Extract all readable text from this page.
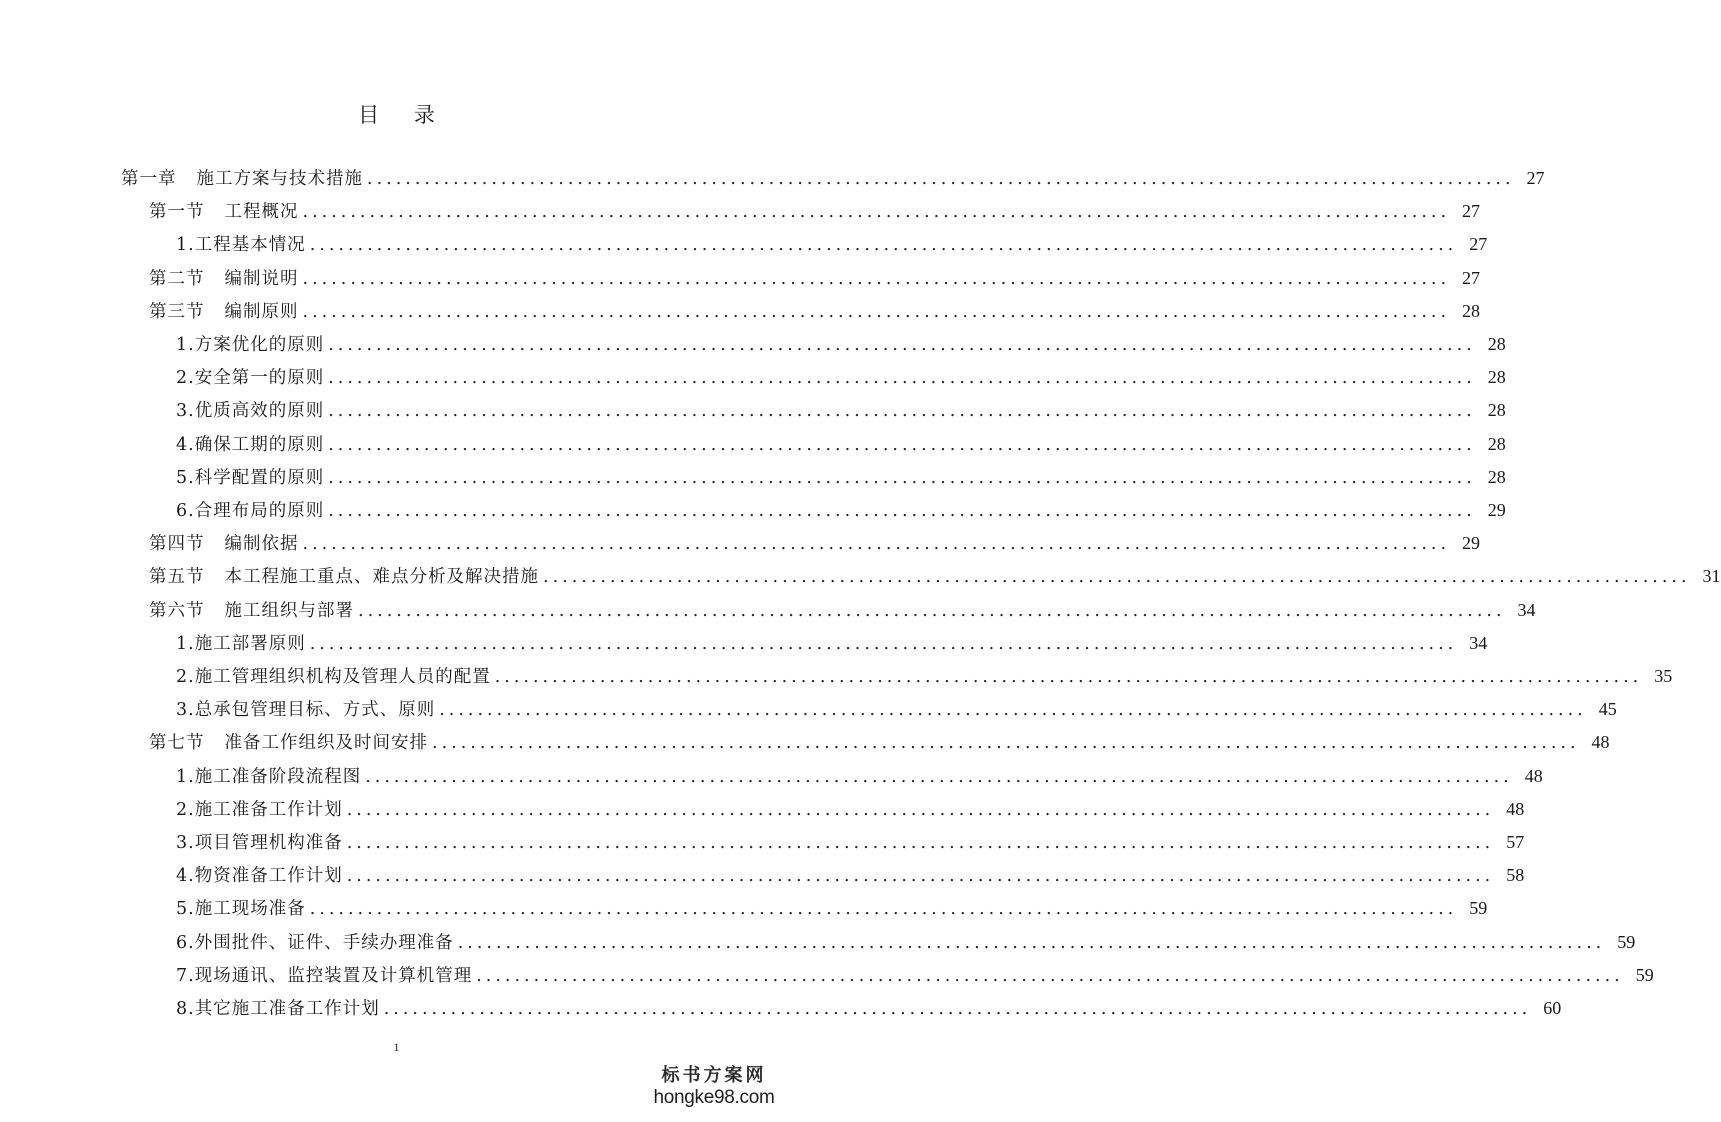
目 录
第一章 施工方案与技术措施 ........................................................................................................................ 27
第一节 工程概况 ........................................................................................................................ 27
1.工程基本情况 ........................................................................................................................ 27
第二节 编制说明 ........................................................................................................................ 27
第三节 编制原则 ........................................................................................................................ 28
1.方案优化的原则 ........................................................................................................................ 28
2.安全第一的原则 ........................................................................................................................ 28
3.优质高效的原则 ........................................................................................................................ 28
4.确保工期的原则 ........................................................................................................................ 28
5.科学配置的原则 ........................................................................................................................ 28
6.合理布局的原则 ........................................................................................................................ 29
第四节 编制依据 ........................................................................................................................ 29
第五节 本工程施工重点、难点分析及解决措施 ........................................................................................................................ 31
第六节 施工组织与部署 ........................................................................................................................ 34
1.施工部署原则 ........................................................................................................................ 34
2.施工管理组织机构及管理人员的配置 ........................................................................................................................ 35
3.总承包管理目标、方式、原则 ........................................................................................................................ 45
第七节 准备工作组织及时间安排 ........................................................................................................................ 48
1.施工准备阶段流程图 ........................................................................................................................ 48
2.施工准备工作计划 ........................................................................................................................ 48
3.项目管理机构准备 ........................................................................................................................ 57
4.物资准备工作计划 ........................................................................................................................ 58
5.施工现场准备 ........................................................................................................................ 59
6.外围批件、证件、手续办理准备 ........................................................................................................................ 59
7.现场通讯、监控装置及计算机管理 ........................................................................................................................ 59
8.其它施工准备工作计划 ........................................................................................................................ 60
1
标书方案网
hongke98.com
